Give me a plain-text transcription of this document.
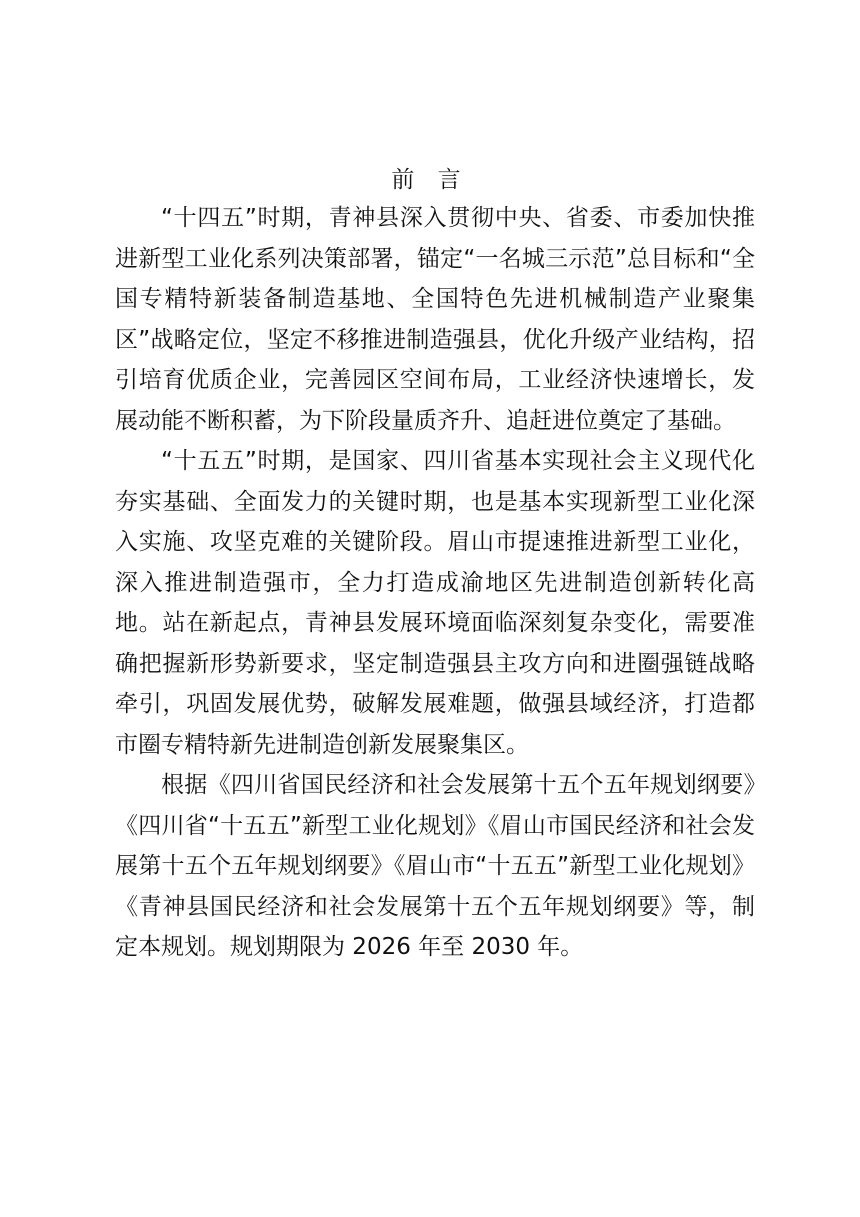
前 言

“十四五”时期，青神县深入贯彻中央、省委、市委加快推进新型工业化系列决策部署，锚定“一名城三示范”总目标和“全国专精特新装备制造基地、全国特色先进机械制造产业聚集区”战略定位，坚定不移推进制造强县，优化升级产业结构，招引培育优质企业，完善园区空间布局，工业经济快速增长，发展动能不断积蓄，为下阶段量质齐升、追赶进位奠定了基础。

“十五五”时期，是国家、四川省基本实现社会主义现代化夯实基础、全面发力的关键时期，也是基本实现新型工业化深入实施、攻坚克难的关键阶段。眉山市提速推进新型工业化，深入推进制造强市，全力打造成渝地区先进制造创新转化高地。站在新起点，青神县发展环境面临深刻复杂变化，需要准确把握新形势新要求，坚定制造强县主攻方向和进圈强链战略牵引，巩固发展优势，破解发展难题，做强县域经济，打造都市圈专精特新先进制造创新发展聚集区。

根据《四川省国民经济和社会发展第十五个五年规划纲要》《四川省“十五五”新型工业化规划》《眉山市国民经济和社会发展第十五个五年规划纲要》《眉山市“十五五”新型工业化规划》《青神县国民经济和社会发展第十五个五年规划纲要》等，制定本规划。规划期限为 2026 年至 2030 年。
